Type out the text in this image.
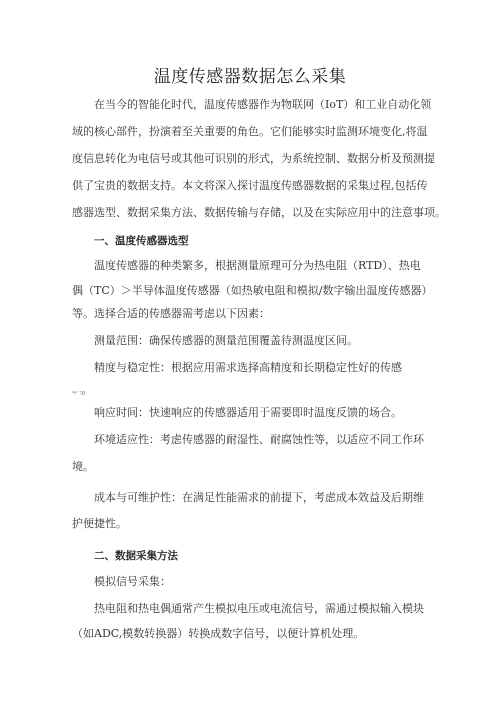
温度传感器数据怎么采集
在当今的智能化时代，温度传感器作为物联网（IoT）和工业自动化领
域的核心部件，扮演着至关重要的角色。它们能够实时监测环境变化,将温
度信息转化为电信号或其他可识别的形式，为系统控制、数据分析及预测提
供了宝贵的数据支持。本文将深入探讨温度传感器数据的采集过程,包括传
感器选型、数据采集方法、数据传输与存储，以及在实际应用中的注意事项。
一、温度传感器选型
温度传感器的种类繁多，根据测量原理可分为热电阻（RTD）、热电
偶（TC）＞半导体温度传感器（如热敏电阻和模拟/数字输出温度传感器）
等。选择合适的传感器需考虑以下因素：
测量范围：确保传感器的测量范围覆盖待测温度区间。
精度与稳定性：根据应用需求选择高精度和长期稳定性好的传感
*ﾃﾞﾌ0
响应时间：快速响应的传感器适用于需要即时温度反馈的场合。
环境适应性：考虑传感器的耐湿性、耐腐蚀性等，以适应不同工作环
境。
成本与可维护性：在满足性能需求的前提下，考虑成本效益及后期维
护便捷性。
二、数据采集方法
模拟信号采集：
热电阻和热电偶通常产生模拟电压或电流信号，需通过模拟输入模块
（如ADC,模数转换器）转换成数字信号，以便计算机处理。
